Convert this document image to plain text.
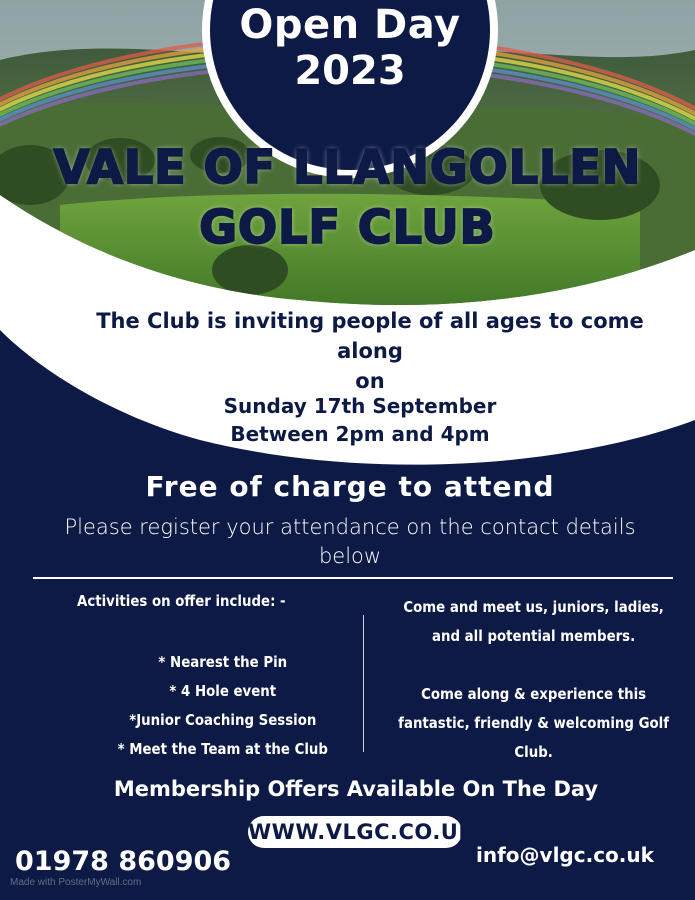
Open Day
2023
VALE OF LLANGOLLEN
GOLF CLUB
The Club is inviting people of all ages to come along
on
Sunday 17th September
Between 2pm and 4pm
Free of charge to attend
Please register your attendance on the contact details
below
Activities on offer include: -
* Nearest the Pin
* 4 Hole event
*Junior Coaching Session
* Meet the Team at the Club
Come and meet us, juniors, ladies,
and all potential members.
Come along & experience this
fantastic, friendly & welcoming Golf
Club.
Membership Offers Available On The Day
WWW.VLGC.CO.UK
01978 860906	info@vlgc.co.uk
Made with PosterMyWall.com
